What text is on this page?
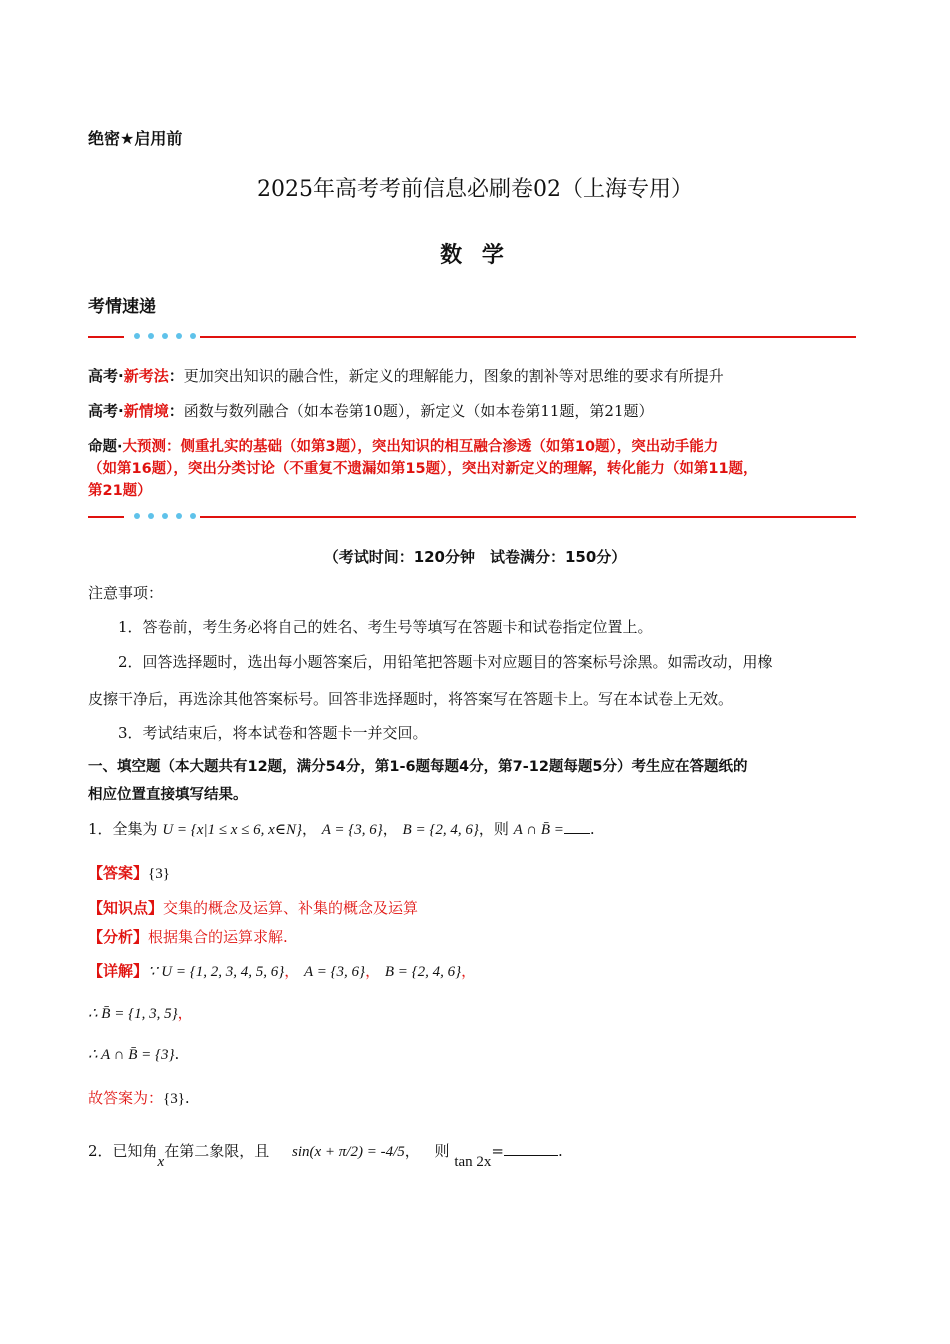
绝密★启用前
2025年高考考前信息必刷卷02（上海专用）
数 学
考情速递
高考·新考法：更加突出知识的融合性，新定义的理解能力，图象的割补等对思维的要求有所提升
高考·新情境：函数与数列融合（如本卷第10题），新定义（如本卷第11题，第21题）
命题·大预测：侧重扎实的基础（如第3题），突出知识的相互融合渗透（如第10题），突出动手能力
（如第16题），突出分类讨论（不重复不遗漏如第15题），突出对新定义的理解，转化能力（如第11题，
第21题）
（考试时间：120分钟　试卷满分：150分）
注意事项：
1．答卷前，考生务必将自己的姓名、考生号等填写在答题卡和试卷指定位置上。
2．回答选择题时，选出每小题答案后，用铅笔把答题卡对应题目的答案标号涂黑。如需改动，用橡
皮擦干净后，再选涂其他答案标号。回答非选择题时，将答案写在答题卡上。写在本试卷上无效。
3．考试结束后，将本试卷和答题卡一并交回。
一、填空题（本大题共有12题，满分54分，第1-6题每题4分，第7-12题每题5分）考生应在答题纸的
相应位置直接填写结果。
1．全集为 U = {x|1 ≤ x ≤ 6, x∈N}， A = {3, 6}， B = {2, 4, 6}，则 A ∩ B̄ = .
【答案】{3}
【知识点】交集的概念及运算、补集的概念及运算
【分析】根据集合的运算求解.
【详解】∵ U = {1, 2, 3, 4, 5, 6}， A = {3, 6}， B = {2, 4, 6}，
∴ B̄ = {1, 3, 5}，
∴ A ∩ B̄ = {3}.
故答案为：{3}.
2．已知角x在第二象限，且 sin(x + π/2) = -4/5， 则 tan 2x=	.
